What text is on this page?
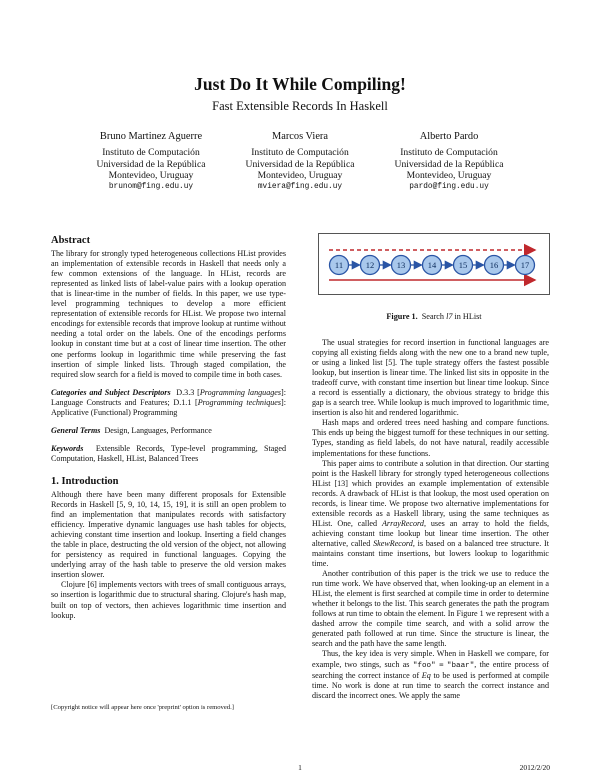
Just Do It While Compiling!
Fast Extensible Records In Haskell
Bruno Martinez Aguerre
Instituto de Computación
Universidad de la República
Montevideo, Uruguay
brunom@fing.edu.uy
Marcos Viera
Instituto de Computación
Universidad de la República
Montevideo, Uruguay
mviera@fing.edu.uy
Alberto Pardo
Instituto de Computación
Universidad de la República
Montevideo, Uruguay
pardo@fing.edu.uy
Abstract

The library for strongly typed heterogeneous collections HList provides an implementation of extensible records in Haskell that needs only a few common extensions of the language. In HList, records are represented as linked lists of label-value pairs with a lookup operation that is linear-time in the number of fields. In this paper, we use type-level programming techniques to develop a more efficient representation of extensible records for HList. We propose two internal encodings for extensible records that improve lookup at runtime without needing a total order on the labels. One of the encodings performs lookup in constant time but at a cost of linear time insertion. The other one performs lookup in logarithmic time while preserving the fast insertion of simple linked lists. Through staged compilation, the required slow search for a field is moved to compile time in both cases.

Categories and Subject Descriptors D.3.3 [Programming languages]: Language Constructs and Features; D.1.1 [Programming techniques]: Applicative (Functional) Programming

General Terms Design, Languages, Performance

Keywords Extensible Records, Type-level programming, Staged Computation, Haskell, HList, Balanced Trees

1. Introduction

Although there have been many different proposals for Extensible Records in Haskell [5, 9, 10, 14, 15, 19], it is still an open problem to find an implementation that manipulates records with satisfactory efficiency. Imperative dynamic languages use hash tables for objects, achieving constant time insertion and lookup. Inserting a field changes the table in place, destructing the old version of the object, not allowing for persistency as required in functional languages. Copying the underlying array of the hash table to preserve the old version makes insertion slower.

Clojure [6] implements vectors with trees of small contiguous arrays, so insertion is logarithmic due to structural sharing. Clojure's hash map, built on top of vectors, then achieves logarithmic time insertion and lookup.

[Copyright notice will appear here once 'preprint' option is removed.]
11	12	13	14	15	16	17
Figure 1. Search l7 in HList

The usual strategies for record insertion in functional languages are copying all existing fields along with the new one to a brand new tuple, or using a linked list [5]. The tuple strategy offers the fastest possible lookup, but insertion is linear time. The linked list sits in opposite in the tradeoff curve, with constant time insertion but linear time lookup. Since a record is essentially a dictionary, the obvious strategy to bridge this gap is a search tree. While lookup is much improved to logarithmic time, insertion is also hit and rendered logarithmic.

Hash maps and ordered trees need hashing and compare functions. This ends up being the biggest turnoff for these techniques in our setting. Types, standing as field labels, do not have natural, readily accessible implementations for these functions.

This paper aims to contribute a solution in that direction. Our starting point is the Haskell library for strongly typed heterogeneous collections HList [13] which provides an example implementation of extensible records. A drawback of HList is that lookup, the most used operation on records, is linear time. We propose two alternative implementations for extensible records as a Haskell library, using the same techniques as HList. One, called ArrayRecord, uses an array to hold the fields, achieving constant time lookup but linear time insertion. The other alternative, called SkewRecord, is based on a balanced tree structure. It maintains constant time insertions, but lowers lookup to logarithmic time.

Another contribution of this paper is the trick we use to reduce the run time work. We have observed that, when looking-up an element in a HList, the element is first searched at compile time in order to determine whether it belongs to the list. This search generates the path the program follows at run time to obtain the element. In Figure 1 we represent with a dashed arrow the compile time search, and with a solid arrow the generated path followed at run time. Since the structure is linear, the search and the path have the same length.

Thus, the key idea is very simple. When in Haskell we compare, for example, two stings, such as "foo" ≡ "baar", the entire process of searching the correct instance of Eq to be used is performed at compile time. No work is done at run time to search the correct instance and discard the incorrect ones. We apply the same

1	2012/2/20
